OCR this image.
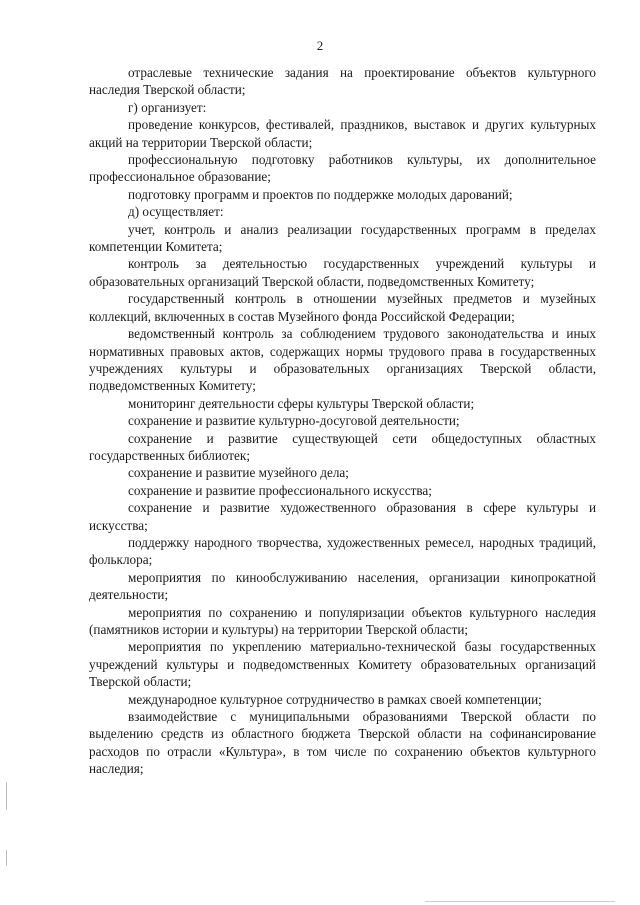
2

отраслевые технические задания на проектирование объектов культурного наследия Тверской области;

г) организует:

проведение конкурсов, фестивалей, праздников, выставок и других культурных акций на территории Тверской области;

профессиональную подготовку работников культуры, их дополнительное профессиональное образование;

подготовку программ и проектов по поддержке молодых дарований;

д) осуществляет:

учет, контроль и анализ реализации государственных программ в пределах компетенции Комитета;

контроль за деятельностью государственных учреждений культуры и образовательных организаций Тверской области, подведомственных Комитету;

государственный контроль в отношении музейных предметов и музейных коллекций, включенных в состав Музейного фонда Российской Федерации;

ведомственный контроль за соблюдением трудового законодательства и иных нормативных правовых актов, содержащих нормы трудового права в государственных учреждениях культуры и образовательных организациях Тверской области, подведомственных Комитету;

мониторинг деятельности сферы культуры Тверской области;

сохранение и развитие культурно-досуговой деятельности;

сохранение и развитие существующей сети общедоступных областных государственных библиотек;

сохранение и развитие музейного дела;

сохранение и развитие профессионального искусства;

сохранение и развитие художественного образования в сфере культуры и искусства;

поддержку народного творчества, художественных ремесел, народных традиций, фольклора;

мероприятия по кинообслуживанию населения, организации кинопрокатной деятельности;

мероприятия по сохранению и популяризации объектов культурного наследия (памятников истории и культуры) на территории Тверской области;

мероприятия по укреплению материально-технической базы государственных учреждений культуры и подведомственных Комитету образовательных организаций Тверской области;

международное культурное сотрудничество в рамках своей компетенции;

взаимодействие с муниципальными образованиями Тверской области по выделению средств из областного бюджета Тверской области на софинансирование расходов по отрасли «Культура», в том числе по сохранению объектов культурного наследия;
